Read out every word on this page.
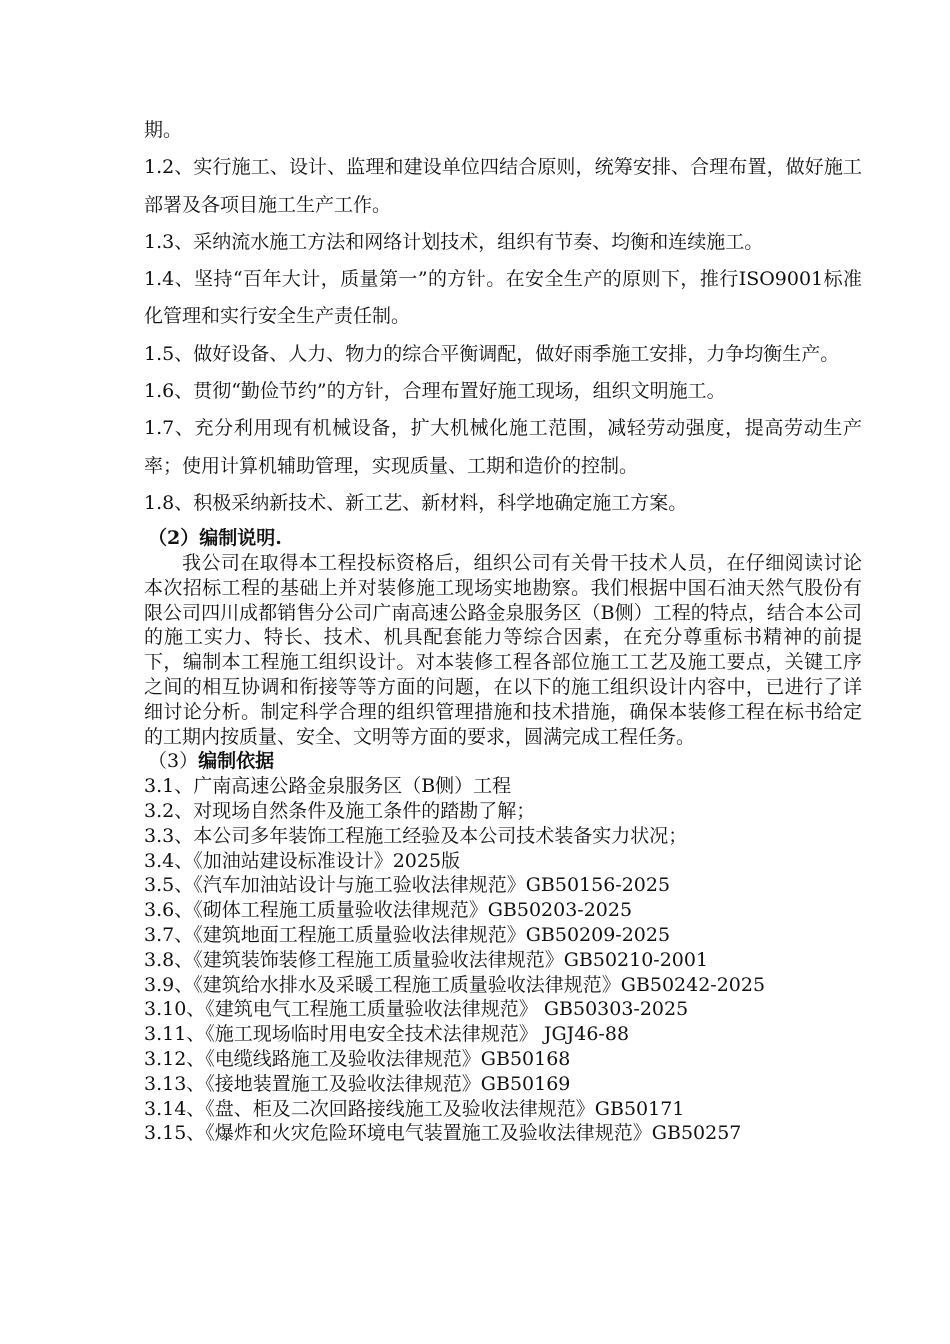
期。

1.2、实行施工、设计、监理和建设单位四结合原则，统筹安排、合理布置，做好施工部署及各项目施工生产工作。

1.3、采纳流水施工方法和网络计划技术，组织有节奏、均衡和连续施工。

1.4、坚持“百年大计，质量第一”的方针。在安全生产的原则下，推行ISO9001标准化管理和实行安全生产责任制。

1.5、做好设备、人力、物力的综合平衡调配，做好雨季施工安排，力争均衡生产。

1.6、贯彻“勤俭节约”的方针，合理布置好施工现场，组织文明施工。

1.7、充分利用现有机械设备，扩大机械化施工范围，减轻劳动强度，提高劳动生产率；使用计算机辅助管理，实现质量、工期和造价的控制。

1.8、积极采纳新技术、新工艺、新材料，科学地确定施工方案。

（2）编制说明.

我公司在取得本工程投标资格后，组织公司有关骨干技术人员，在仔细阅读讨论本次招标工程的基础上并对装修施工现场实地勘察。我们根据中国石油天然气股份有限公司四川成都销售分公司广南高速公路金泉服务区（B侧）工程的特点，结合本公司的施工实力、特长、技术、机具配套能力等综合因素，在充分尊重标书精神的前提下，编制本工程施工组织设计。对本装修工程各部位施工工艺及施工要点，关键工序之间的相互协调和衔接等等方面的问题，在以下的施工组织设计内容中，已进行了详细讨论分析。制定科学合理的组织管理措施和技术措施，确保本装修工程在标书给定的工期内按质量、安全、文明等方面的要求，圆满完成工程任务。

（3）编制依据

3.1、广南高速公路金泉服务区（B侧）工程

3.2、对现场自然条件及施工条件的踏勘了解；

3.3、本公司多年装饰工程施工经验及本公司技术装备实力状况；

3.4、《加油站建设标准设计》2025版

3.5、《汽车加油站设计与施工验收法律规范》GB50156-2025

3.6、《砌体工程施工质量验收法律规范》GB50203-2025

3.7、《建筑地面工程施工质量验收法律规范》GB50209-2025

3.8、《建筑装饰装修工程施工质量验收法律规范》GB50210-2001

3.9、《建筑给水排水及采暖工程施工质量验收法律规范》GB50242-2025

3.10、《建筑电气工程施工质量验收法律规范》 GB50303-2025

3.11、《施工现场临时用电安全技术法律规范》 JGJ46-88

3.12、《电缆线路施工及验收法律规范》GB50168

3.13、《接地装置施工及验收法律规范》GB50169

3.14、《盘、柜及二次回路接线施工及验收法律规范》GB50171

3.15、《爆炸和火灾危险环境电气装置施工及验收法律规范》GB50257
